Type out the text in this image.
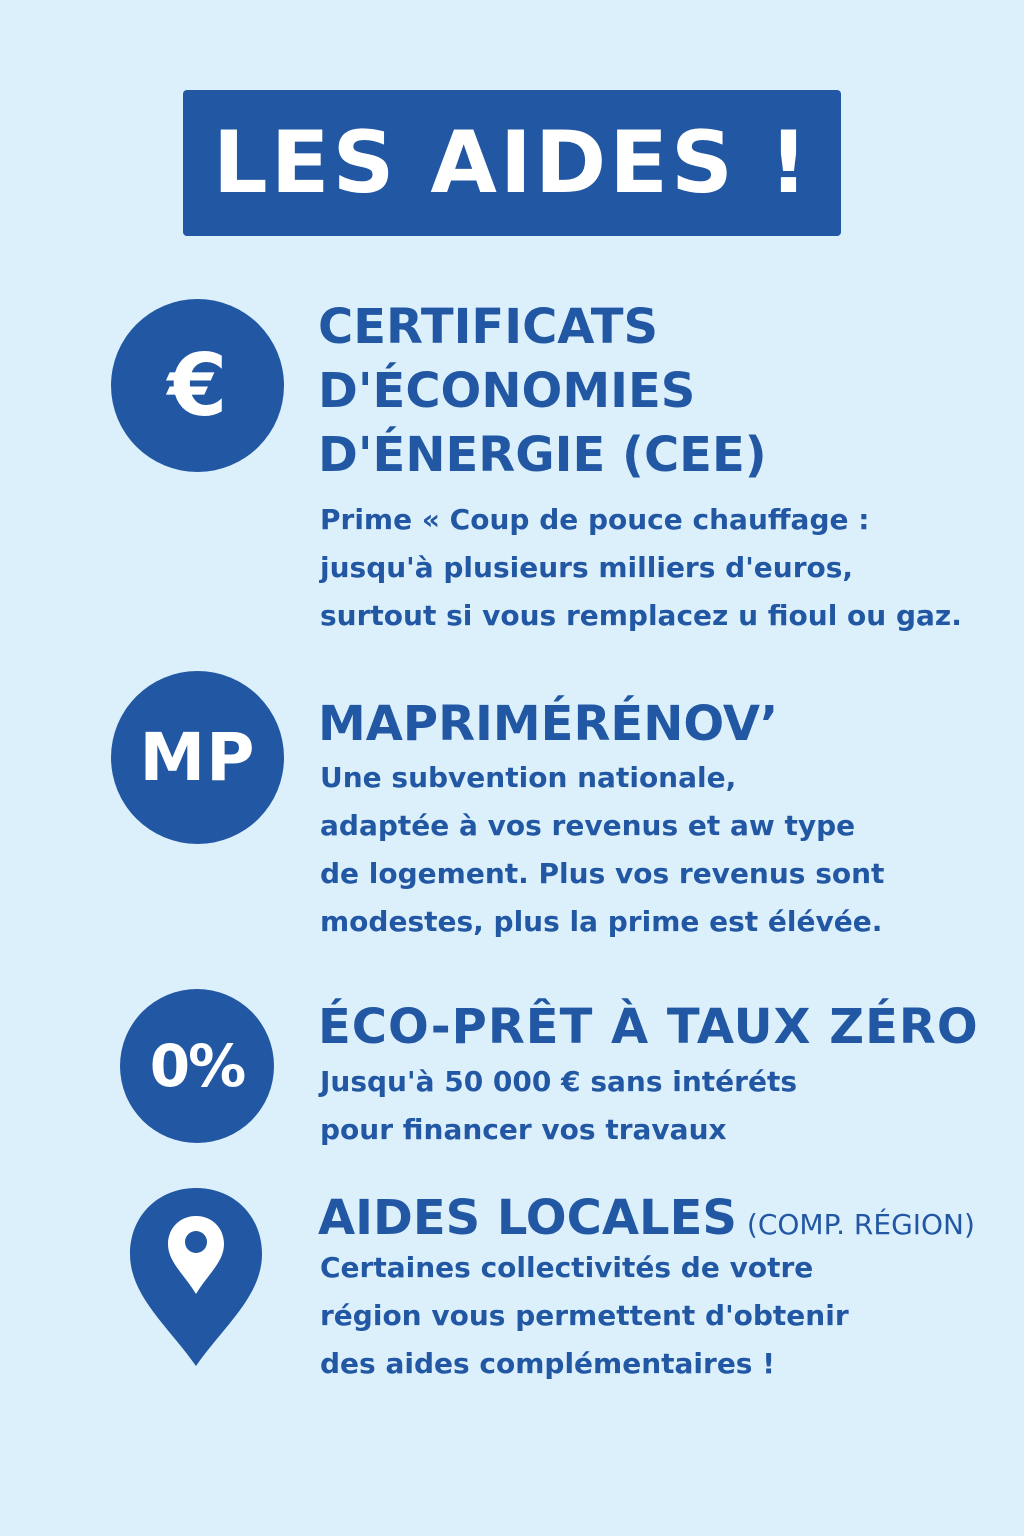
LES AIDES !
€
CERTIFICATS
D'ÉCONOMIES
D'ÉNERGIE (CEE)
Prime « Coup de pouce chauffage :
jusqu'à plusieurs milliers d'euros,
surtout si vous remplacez u fioul ou gaz.
MP	MAPRIMÉRÉNOV’
Une subvention nationale,
adaptée à vos revenus et aw type
de logement. Plus vos revenus sont
modestes, plus la prime est élévée.
0%
ÉCO-PRÊT À TAUX ZÉRO
Jusqu'à 50 000 € sans intéréts
pour financer vos travaux
AIDES LOCALES (COMP. RÉGION)
Certaines collectivités de votre
région vous permettent d'obtenir
des aides complémentaires !
